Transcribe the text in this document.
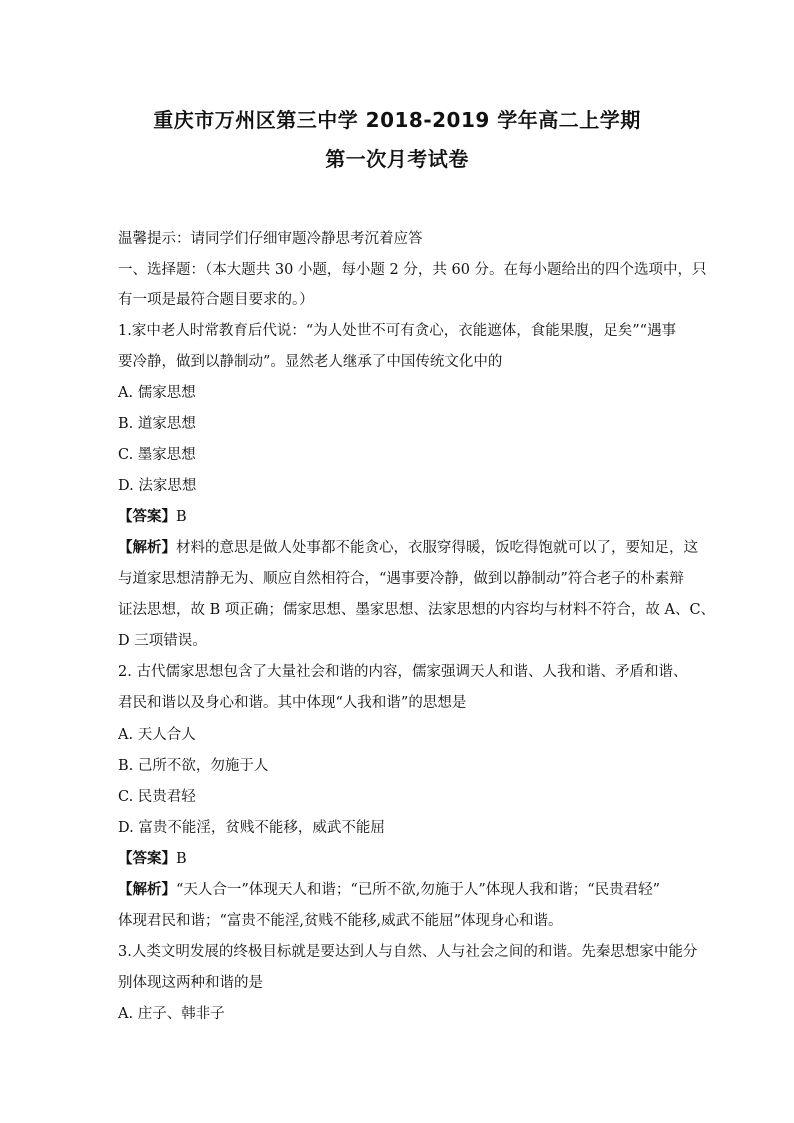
重庆市万州区第三中学 2018-2019 学年高二上学期
第一次月考试卷
温馨提示：请同学们仔细审题冷静思考沉着应答
一、选择题：（本大题共 30 小题，每小题 2 分，共 60 分。在每小题给出的四个选项中，只
有一项是最符合题目要求的。）
1.家中老人时常教育后代说：“为人处世不可有贪心，衣能遮体，食能果腹，足矣”“遇事
要冷静，做到以静制动”。显然老人继承了中国传统文化中的
A. 儒家思想
B. 道家思想
C. 墨家思想
D. 法家思想
【答案】B
【解析】材料的意思是做人处事都不能贪心，衣服穿得暖，饭吃得饱就可以了，要知足，这
与道家思想清静无为、顺应自然相符合，“遇事要冷静，做到以静制动”符合老子的朴素辩
证法思想，故 B 项正确；儒家思想、墨家思想、法家思想的内容均与材料不符合，故 A、C、
D 三项错误。
2. 古代儒家思想包含了大量社会和谐的内容，儒家强调天人和谐、人我和谐、矛盾和谐、
君民和谐以及身心和谐。其中体现“人我和谐”的思想是
A. 天人合人
B. 己所不欲，勿施于人
C. 民贵君轻
D. 富贵不能淫，贫贱不能移，威武不能屈
【答案】B
【解析】“天人合一”体现天人和谐；“已所不欲,勿施于人”体现人我和谐；“民贵君轻”
体现君民和谐；“富贵不能淫,贫贱不能移,威武不能屈”体现身心和谐。
3.人类文明发展的终极目标就是要达到人与自然、人与社会之间的和谐。先秦思想家中能分
别体现这两种和谐的是
A. 庄子、韩非子
